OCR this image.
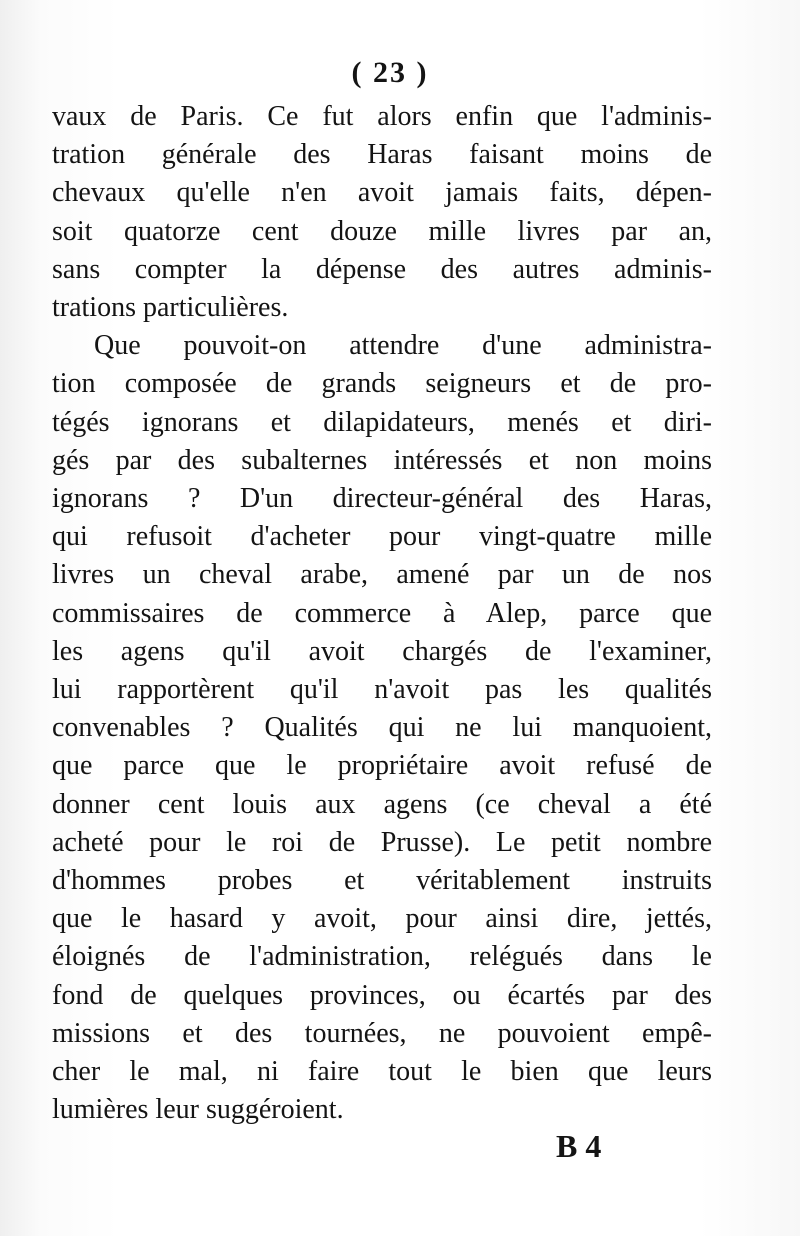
( 23 )
vaux de Paris. Ce fut alors enfin que l'adminis-
tration générale des Haras faisant moins de
chevaux qu'elle n'en avoit jamais faits, dépen-
soit quatorze cent douze mille livres par an,
sans compter la dépense des autres adminis-
trations particulières.
Que pouvoit-on attendre d'une administra-
tion composée de grands seigneurs et de pro-
tégés ignorans et dilapidateurs, menés et diri-
gés par des subalternes intéressés et non moins
ignorans ? D'un directeur-général des Haras,
qui refusoit d'acheter pour vingt-quatre mille
livres un cheval arabe, amené par un de nos
commissaires de commerce à Alep, parce que
les agens qu'il avoit chargés de l'examiner,
lui rapportèrent qu'il n'avoit pas les qualités
convenables ? Qualités qui ne lui manquoient,
que parce que le propriétaire avoit refusé de
donner cent louis aux agens (ce cheval a été
acheté pour le roi de Prusse). Le petit nombre
d'hommes probes et véritablement instruits
que le hasard y avoit, pour ainsi dire, jettés,
éloignés de l'administration, relégués dans le
fond de quelques provinces, ou écartés par des
missions et des tournées, ne pouvoient empê-
cher le mal, ni faire tout le bien que leurs
lumières leur suggéroient.
B 4
